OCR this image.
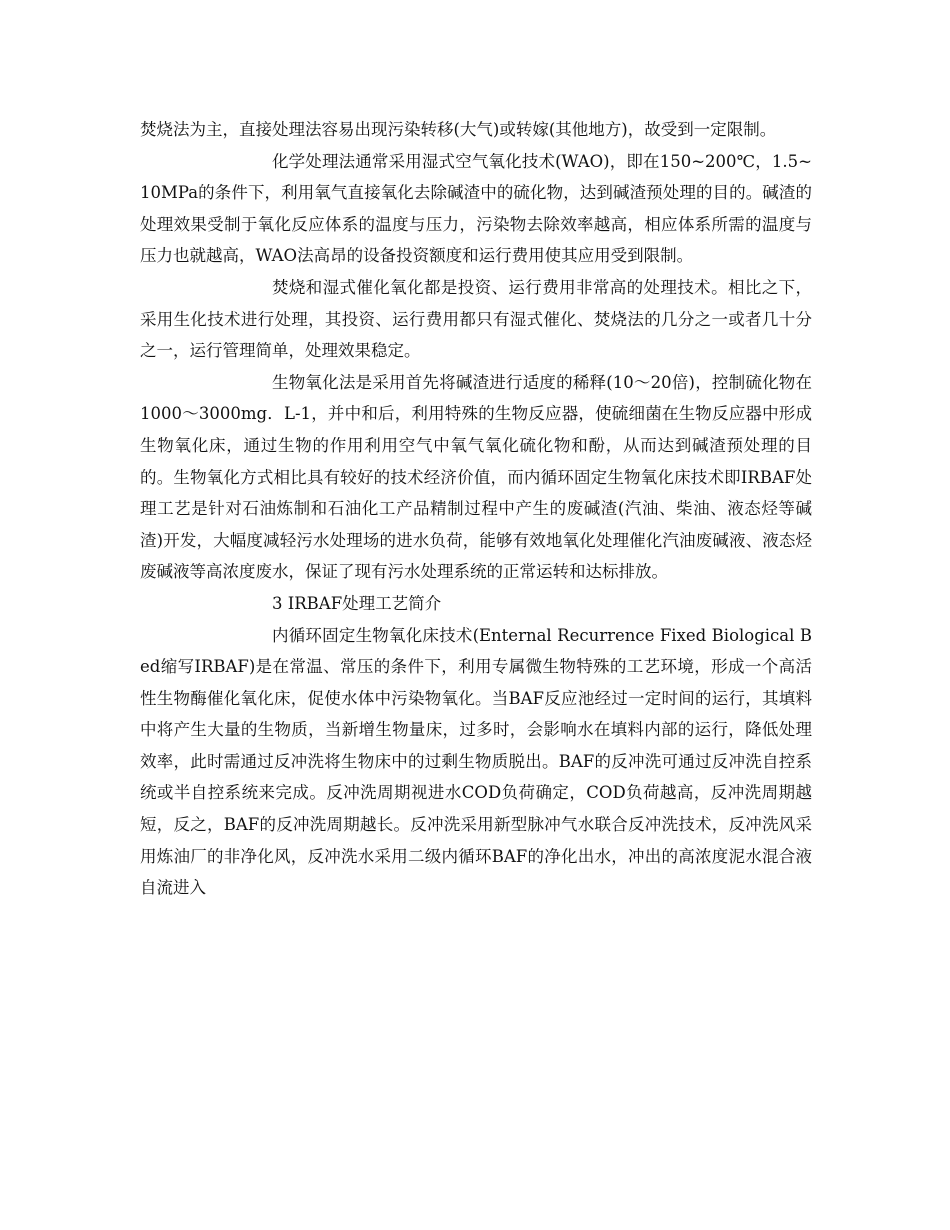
焚烧法为主，直接处理法容易出现污染转移(大气)或转嫁(其他地方)，故受到一定限制。

化学处理法通常采用湿式空气氧化技术(WAO)，即在150~200℃，1.5~10MPa的条件下，利用氧气直接氧化去除碱渣中的硫化物，达到碱渣预处理的目的。碱渣的处理效果受制于氧化反应体系的温度与压力，污染物去除效率越高，相应体系所需的温度与压力也就越高，WAO法高昂的设备投资额度和运行费用使其应用受到限制。

焚烧和湿式催化氧化都是投资、运行费用非常高的处理技术。相比之下，采用生化技术进行处理，其投资、运行费用都只有湿式催化、焚烧法的几分之一或者几十分之一，运行管理简单，处理效果稳定。

生物氧化法是采用首先将碱渣进行适度的稀释(10～20倍)，控制硫化物在1000～3000mg．L-1，并中和后，利用特殊的生物反应器，使硫细菌在生物反应器中形成生物氧化床，通过生物的作用利用空气中氧气氧化硫化物和酚，从而达到碱渣预处理的目的。生物氧化方式相比具有较好的技术经济价值，而内循环固定生物氧化床技术即IRBAF处理工艺是针对石油炼制和石油化工产品精制过程中产生的废碱渣(汽油、柴油、液态烃等碱渣)开发，大幅度减轻污水处理场的进水负荷，能够有效地氧化处理催化汽油废碱液、液态烃废碱液等高浓度废水，保证了现有污水处理系统的正常运转和达标排放。

3 IRBAF处理工艺简介

内循环固定生物氧化床技术(Enternal Recurrence Fixed Biological Bed缩写IRBAF)是在常温、常压的条件下，利用专属微生物特殊的工艺环境，形成一个高活性生物酶催化氧化床，促使水体中污染物氧化。当BAF反应池经过一定时间的运行，其填料中将产生大量的生物质，当新增生物量床，过多时，会影响水在填料内部的运行，降低处理效率，此时需通过反冲洗将生物床中的过剩生物质脱出。BAF的反冲洗可通过反冲洗自控系统或半自控系统来完成。反冲洗周期视进水COD负荷确定，COD负荷越高，反冲洗周期越短，反之，BAF的反冲洗周期越长。反冲洗采用新型脉冲气水联合反冲洗技术，反冲洗风采用炼油厂的非净化风，反冲洗水采用二级内循环BAF的净化出水，冲出的高浓度泥水混合液自流进入
